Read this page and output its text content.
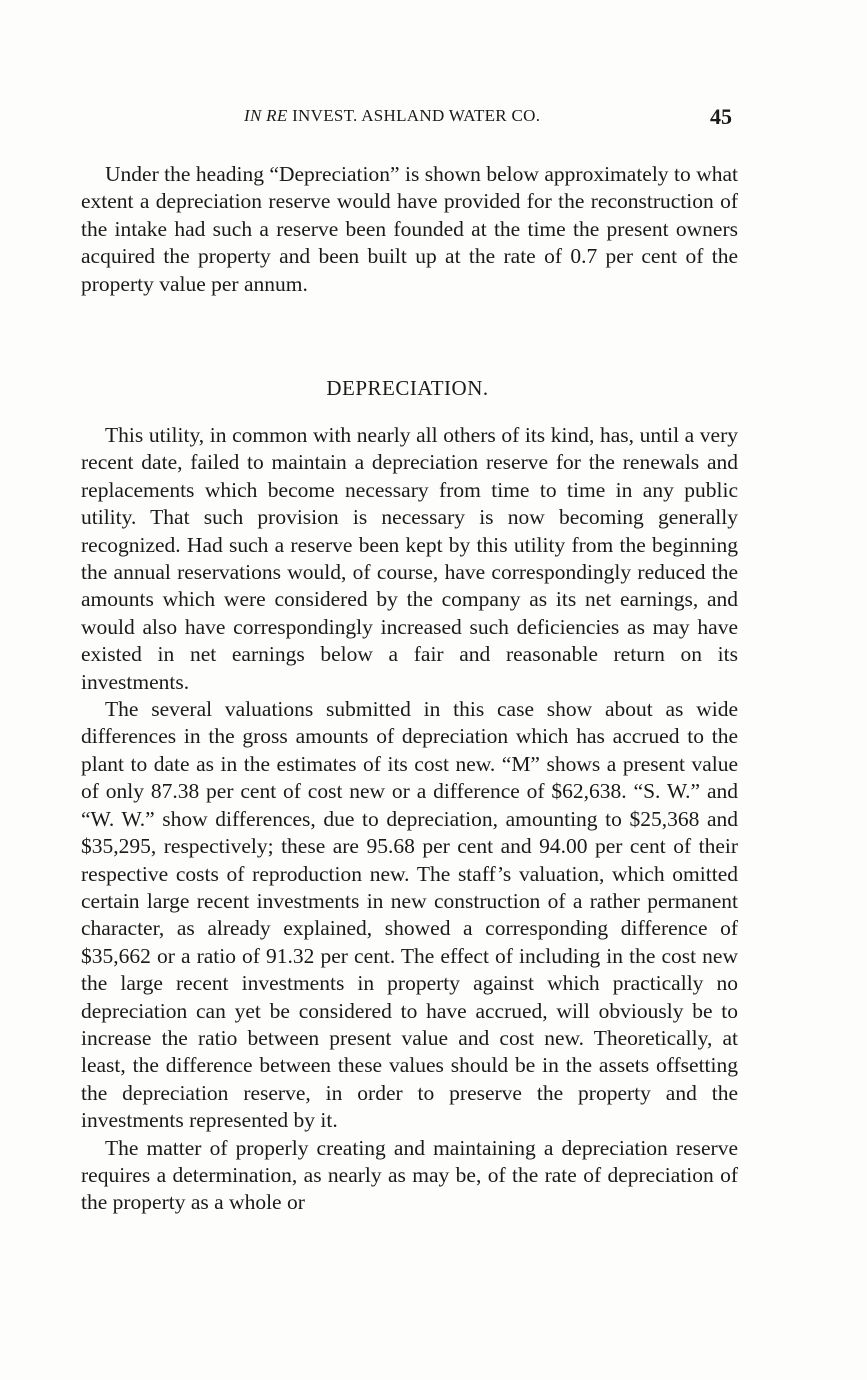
IN RE INVEST. ASHLAND WATER CO.	45

Under the heading “Depreciation” is shown below approximately to what extent a depreciation reserve would have provided for the reconstruction of the intake had such a reserve been founded at the time the present owners acquired the property and been built up at the rate of 0.7 per cent of the property value per annum.

DEPRECIATION.

This utility, in common with nearly all others of its kind, has, until a very recent date, failed to maintain a depreciation reserve for the renewals and replacements which become necessary from time to time in any public utility. That such provision is necessary is now becoming generally recognized. Had such a reserve been kept by this utility from the beginning the annual reservations would, of course, have correspondingly reduced the amounts which were considered by the company as its net earnings, and would also have correspondingly increased such deficiencies as may have existed in net earnings below a fair and reasonable return on its investments.

The several valuations submitted in this case show about as wide differences in the gross amounts of depreciation which has accrued to the plant to date as in the estimates of its cost new. “M” shows a present value of only 87.38 per cent of cost new or a difference of $62,638. “S. W.” and “W. W.” show differences, due to depreciation, amounting to $25,368 and $35,295, respectively; these are 95.68 per cent and 94.00 per cent of their respective costs of reproduction new. The staff’s valuation, which omitted certain large recent investments in new construction of a rather permanent character, as already explained, showed a corresponding difference of $35,662 or a ratio of 91.32 per cent. The effect of including in the cost new the large recent investments in property against which practically no depreciation can yet be considered to have accrued, will obviously be to increase the ratio between present value and cost new. Theoretically, at least, the difference between these values should be in the assets offsetting the depreciation reserve, in order to preserve the property and the investments represented by it.

The matter of properly creating and maintaining a depreciation reserve requires a determination, as nearly as may be, of the rate of depreciation of the property as a whole or
